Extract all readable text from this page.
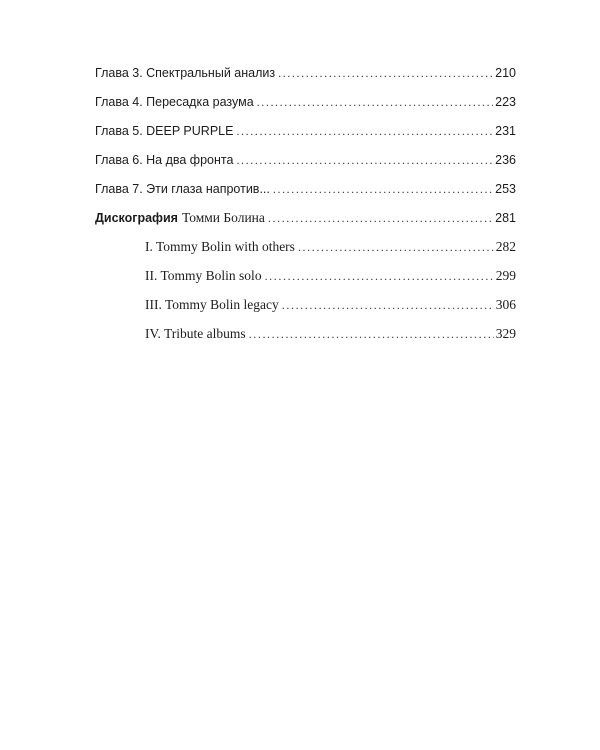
Глава 3. Спектральный анализ .....	210
Глава 4. Пересадка разума .....	223
Глава 5. DEEP PURPLE .....	231
Глава 6. На два фронта .....	236
Глава 7. Эти глаза напротив... .....	253
Дискография Томми Болина .....	281
I. Tommy Bolin with others .....	282
II. Tommy Bolin solo .....	299
III. Tommy Bolin legacy .....	306
IV. Tribute albums .....	329
